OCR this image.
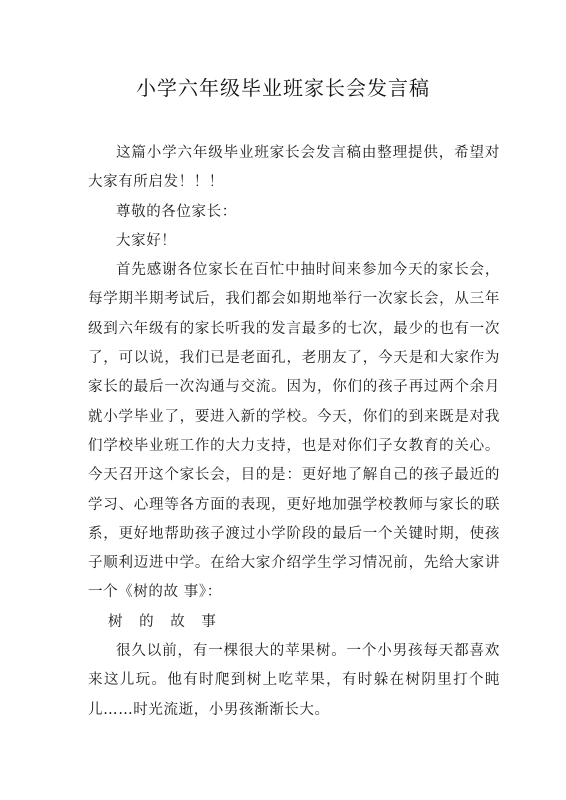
小学六年级毕业班家长会发言稿

这篇小学六年级毕业班家长会发言稿由整理提供，希望对大家有所启发！！！

尊敬的各位家长：

大家好！

首先感谢各位家长在百忙中抽时间来参加今天的家长会，每学期半期考试后，我们都会如期地举行一次家长会，从三年级到六年级有的家长听我的发言最多的七次，最少的也有一次了，可以说，我们已是老面孔，老朋友了，今天是和大家作为家长的最后一次沟通与交流。因为，你们的孩子再过两个余月就小学毕业了，要进入新的学校。今天，你们的到来既是对我们学校毕业班工作的大力支持，也是对你们子女教育的关心。今天召开这个家长会，目的是：更好地了解自己的孩子最近的学习、心理等各方面的表现，更好地加强学校教师与家长的联系，更好地帮助孩子渡过小学阶段的最后一个关键时期，使孩子顺利迈进中学。在给大家介绍学生学习情况前，先给大家讲一个《树的故 事》：

树 的 故 事

很久以前，有一棵很大的苹果树。一个小男孩每天都喜欢来这儿玩。他有时爬到树上吃苹果，有时躲在树阴里打个盹儿……时光流逝，小男孩渐渐长大。
